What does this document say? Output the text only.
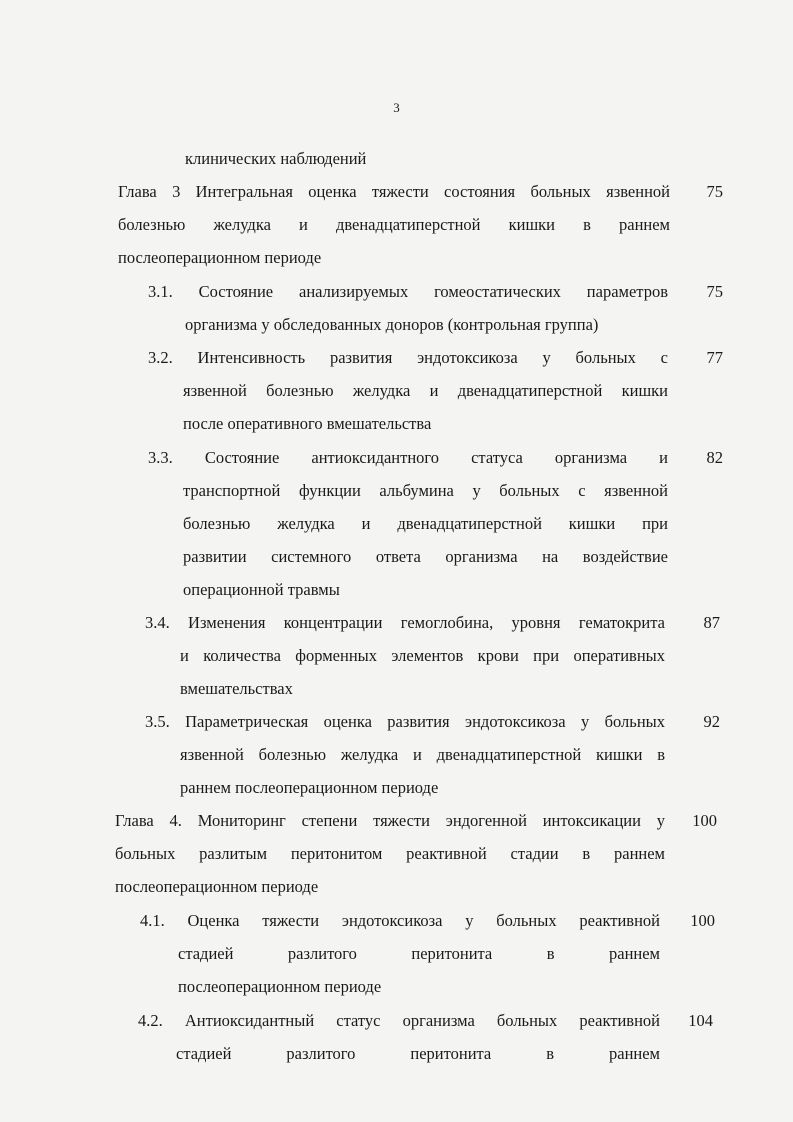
3
клинических наблюдений
Глава 3 Интегральная оценка тяжести состояния больных язвенной
болезнью желудка и двенадцатиперстной кишки в раннем
послеоперационном периоде
75
3.1. Состояние анализируемых гомеостатических параметров
организма у обследованных доноров (контрольная группа)
75
3.2. Интенсивность развития эндотоксикоза у больных с
язвенной болезнью желудка и двенадцатиперстной кишки
после оперативного вмешательства
77
3.3. Состояние антиоксидантного статуса организма и
транспортной функции альбумина у больных с язвенной
болезнью желудка и двенадцатиперстной кишки при
развитии системного ответа организма на воздействие
операционной травмы
82
3.4. Изменения концентрации гемоглобина, уровня гематокрита
и количества форменных элементов крови при оперативных
вмешательствах
87
3.5. Параметрическая оценка развития эндотоксикоза у больных
язвенной болезнью желудка и двенадцатиперстной кишки в
раннем послеоперационном периоде
92
Глава 4. Мониторинг степени тяжести эндогенной интоксикации у
больных разлитым перитонитом реактивной стадии в раннем
послеоперационном периоде
100
4.1. Оценка тяжести эндотоксикоза у больных реактивной
стадией разлитого перитонита в раннем
послеоперационном периоде
100
4.2. Антиоксидантный статус организма больных реактивной
стадией разлитого перитонита в раннем
104
